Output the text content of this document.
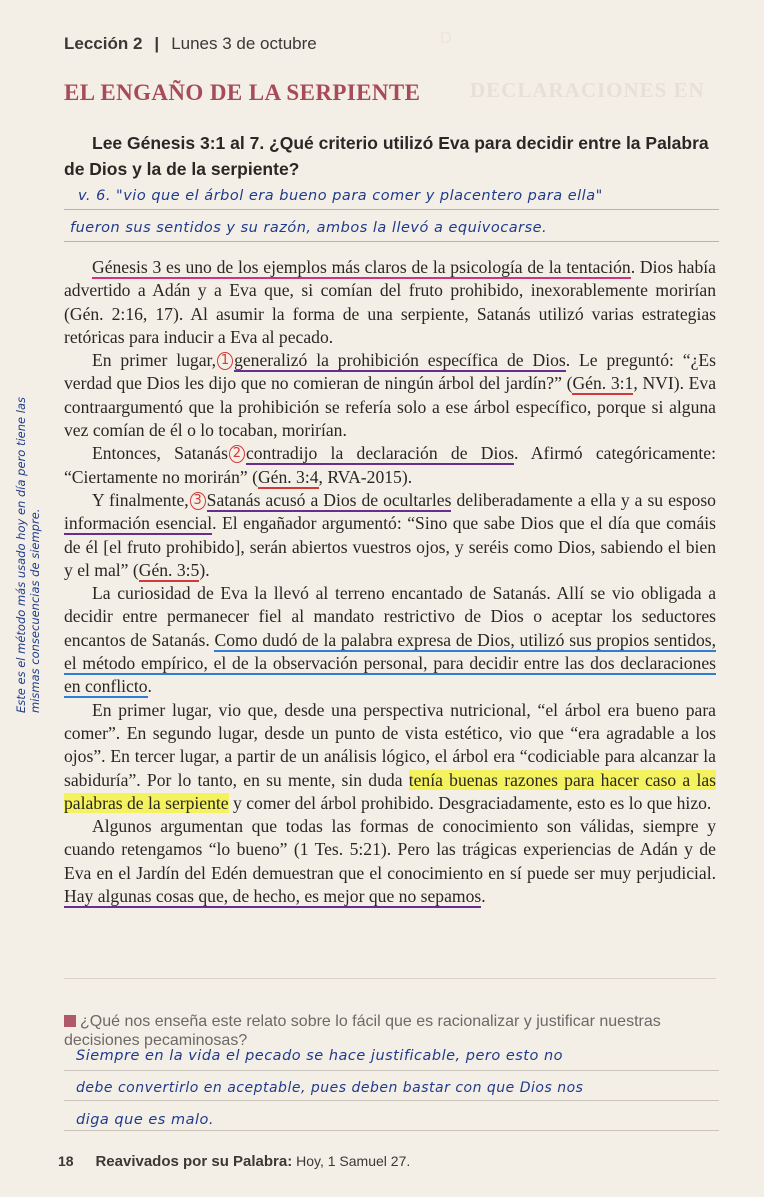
D
DECLARACIONES EN
Lección 2 | Lunes 3 de octubre
EL ENGAÑO DE LA SERPIENTE
Lee Génesis 3:1 al 7. ¿Qué criterio utilizó Eva para decidir entre la Palabra de Dios y la de la serpiente?
v. 6. "vio que el árbol era bueno para comer y placentero para ella"
fueron sus sentidos y su razón, ambos la llevó a equivocarse.

Génesis 3 es uno de los ejemplos más claros de la psicología de la tentación. Dios había advertido a Adán y a Eva que, si comían del fruto prohibido, inexorablemente morirían (Gén. 2:16, 17). Al asumir la forma de una serpiente, Satanás utilizó varias estrategias retóricas para inducir a Eva al pecado.

En primer lugar, 1 generalizó la prohibición específica de Dios. Le preguntó: “¿Es verdad que Dios les dijo que no comieran de ningún árbol del jardín?” (Gén. 3:1, NVI). Eva contraargumentó que la prohibición se refería solo a ese árbol específico, porque si alguna vez comían de él o lo tocaban, morirían.

Entonces, Satanás 2 contradijo la declaración de Dios. Afirmó categóricamente: “Ciertamente no morirán” (Gén. 3:4, RVA-2015).

Y finalmente, 3 Satanás acusó a Dios de ocultarles deliberadamente a ella y a su esposo información esencial. El engañador argumentó: “Sino que sabe Dios que el día que comáis de él [el fruto prohibido], serán abiertos vuestros ojos, y seréis como Dios, sabiendo el bien y el mal” (Gén. 3:5).

La curiosidad de Eva la llevó al terreno encantado de Satanás. Allí se vio obligada a decidir entre permanecer fiel al mandato restrictivo de Dios o aceptar los seductores encantos de Satanás. Como dudó de la palabra expresa de Dios, utilizó sus propios sentidos, el método empírico, el de la observación personal, para decidir entre las dos declaraciones en conflicto.

En primer lugar, vio que, desde una perspectiva nutricional, “el árbol era bueno para comer”. En segundo lugar, desde un punto de vista estético, vio que “era agradable a los ojos”. En tercer lugar, a partir de un análisis lógico, el árbol era “codiciable para alcanzar la sabiduría”. Por lo tanto, en su mente, sin duda tenía buenas razones para hacer caso a las palabras de la serpiente y comer del árbol prohibido. Desgraciadamente, esto es lo que hizo.

Algunos argumentan que todas las formas de conocimiento son válidas, siempre y cuando retengamos “lo bueno” (1 Tes. 5:21). Pero las trágicas experiencias de Adán y de Eva en el Jardín del Edén demuestran que el conocimiento en sí puede ser muy perjudicial. Hay algunas cosas que, de hecho, es mejor que no sepamos.

Este es el método más usado hoy en día pero tiene las mismas consecuencias de siempre.
¿Qué nos enseña este relato sobre lo fácil que es racionalizar y justificar nuestras decisiones pecaminosas?
Siempre en la vida el pecado se hace justificable, pero esto no
debe convertirlo en aceptable, pues deben bastar con que Dios nos
diga que es malo.
18 Reavivados por su Palabra: Hoy, 1 Samuel 27.
